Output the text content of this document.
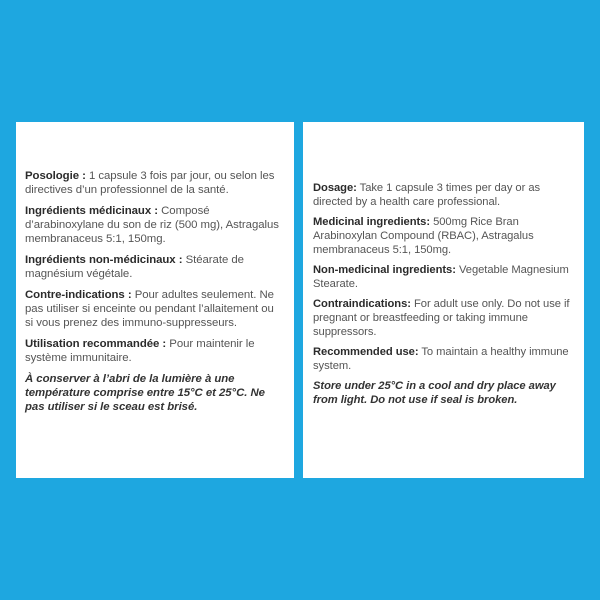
Posologie : 1 capsule 3 fois par jour, ou selon les directives d’un professionnel de la santé.

Ingrédients médicinaux : Composé d’arabinoxylane du son de riz (500 mg), Astragalus membranaceus 5:1, 150mg.

Ingrédients non-médicinaux : Stéarate de magnésium végétale.

Contre-indications : Pour adultes seulement. Ne pas utiliser si enceinte ou pendant l’allaitement ou si vous prenez des immuno-suppresseurs.

Utilisation recommandée : Pour maintenir le système immunitaire.

À conserver à l’abri de la lumière à une température comprise entre 15°C et 25°C. Ne pas utiliser si le sceau est brisé.

Dosage: Take 1 capsule 3 times per day or as directed by a health care professional.

Medicinal ingredients: 500mg Rice Bran Arabinoxylan Compound (RBAC), Astragalus membranaceus 5:1, 150mg.

Non-medicinal ingredients: Vegetable Magnesium Stearate.

Contraindications: For adult use only. Do not use if pregnant or breastfeeding or taking immune suppressors.

Recommended use: To maintain a healthy immune system.

Store under 25°C in a cool and dry place away from light. Do not use if seal is broken.
